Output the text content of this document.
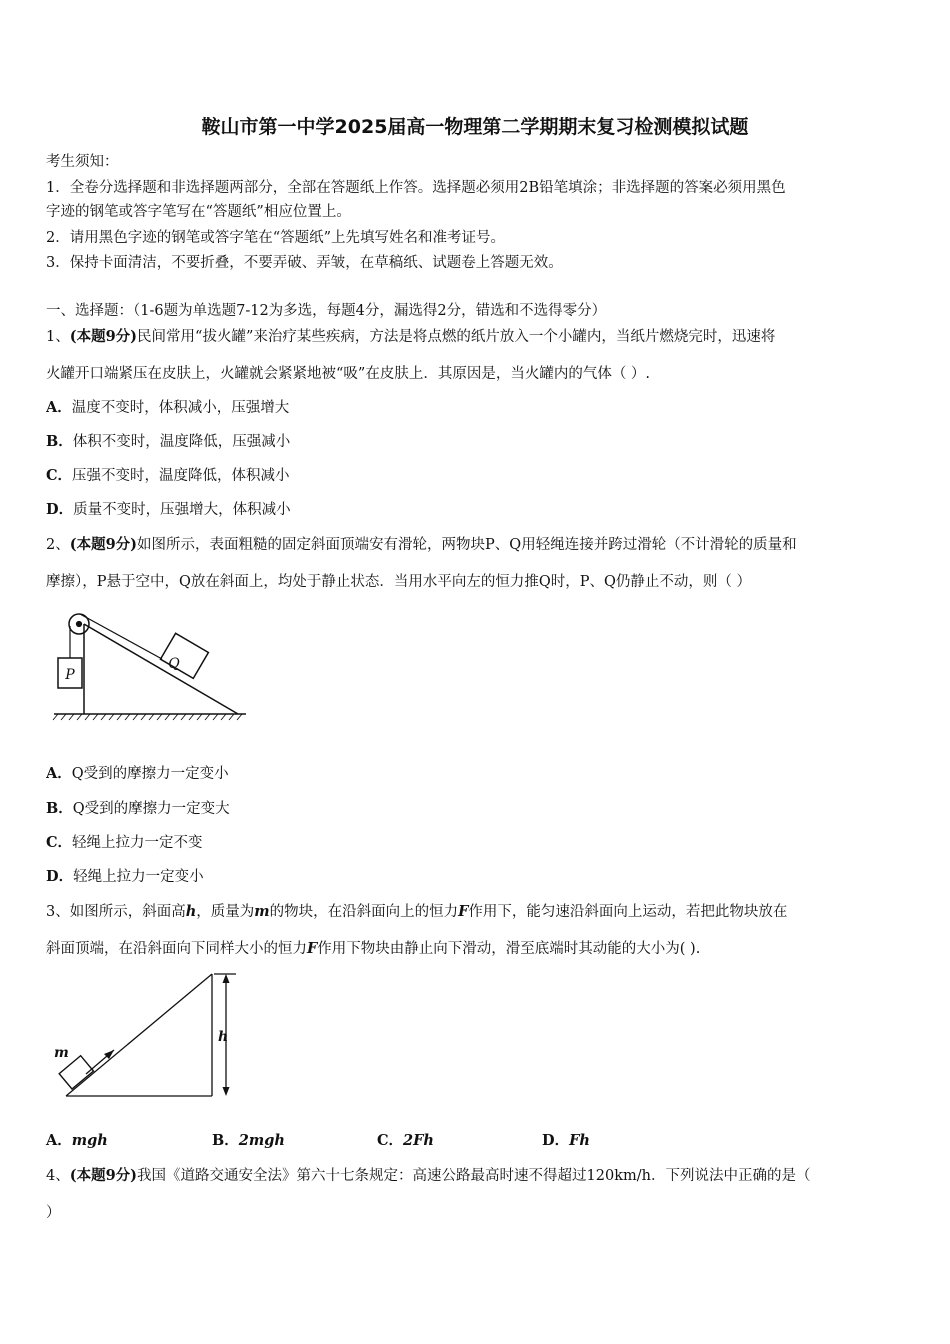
鞍山市第一中学2025届高一物理第二学期期末复习检测模拟试题
考生须知：
1．全卷分选择题和非选择题两部分，全部在答题纸上作答。选择题必须用2B铅笔填涂；非选择题的答案必须用黑色
字迹的钢笔或答字笔写在“答题纸”相应位置上。
2．请用黑色字迹的钢笔或答字笔在“答题纸”上先填写姓名和准考证号。
3．保持卡面清洁，不要折叠，不要弄破、弄皱，在草稿纸、试题卷上答题无效。
一、选择题：（1-6题为单选题7-12为多选，每题4分，漏选得2分，错选和不选得零分）
1、(本题9分)民间常用“拔火罐”来治疗某些疾病，方法是将点燃的纸片放入一个小罐内，当纸片燃烧完时，迅速将
火罐开口端紧压在皮肤上，火罐就会紧紧地被“吸”在皮肤上．其原因是，当火罐内的气体（ ）.
A．温度不变时，体积减小，压强增大
B．体积不变时，温度降低，压强减小
C．压强不变时，温度降低，体积减小
D．质量不变时，压强增大，体积减小
2、(本题9分)如图所示，表面粗糙的固定斜面顶端安有滑轮，两物块P、Q用轻绳连接并跨过滑轮（不计滑轮的质量和
摩擦），P悬于空中，Q放在斜面上，均处于静止状态．当用水平向左的恒力推Q时，P、Q仍静止不动，则（ ）
P
Q
A．Q受到的摩擦力一定变小
B．Q受到的摩擦力一定变大
C．轻绳上拉力一定不变
D．轻绳上拉力一定变小
3、如图所示，斜面高h，质量为m的物块，在沿斜面向上的恒力F作用下，能匀速沿斜面向上运动，若把此物块放在
斜面顶端，在沿斜面向下同样大小的恒力F作用下物块由静止向下滑动，滑至底端时其动能的大小为( ).
m
h
A．mgh	B．2mgh	C．2Fh	D．Fh
4、(本题9分)我国《道路交通安全法》第六十七条规定：高速公路最高时速不得超过120km/h．下列说法中正确的是（
）
